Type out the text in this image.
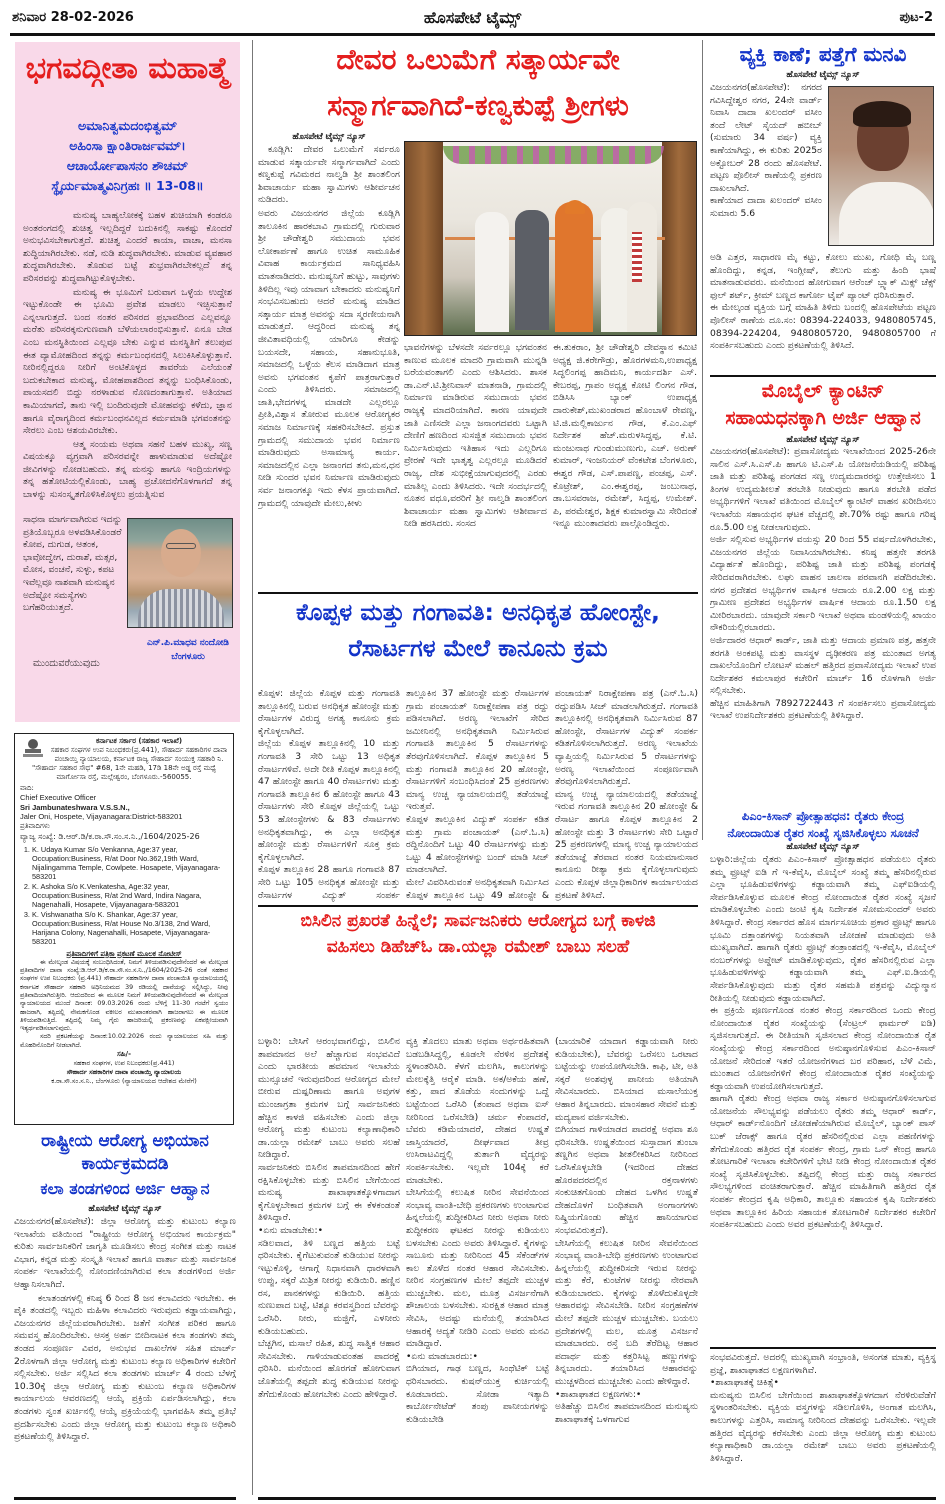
ಶನಿವಾರ 28-02-2026	ಹೊಸಪೇಟೆ ಟೈಮ್ಸ್	ಪುಟ-2
ಭಗವದ್ಗೀತಾ ಮಹಾತ್ಮೆ
ಅಮಾನಿತ್ವಮದಂಭಿತ್ವಮ್
ಅಹಿಂಸಾ ಕ್ಷಾಂತಿರಾರ್ಜವಮ್।
ಆಚಾರ್ಯೋಪಾಸನಂ ಶೌಚಮ್
ಸ್ಥೈರ್ಯಮಾತ್ಮವಿನಿಗ್ರಹಃ ॥ 13-08॥

ಮನುಷ್ಯ ಬಾಹ್ಯಲೋಕಕ್ಕೆ ಬಹಳ ಶುಚಿಯಾಗಿ ಕಂಡರೂ ಅಂತರಂಗದಲ್ಲಿ ಶುಚಿತ್ವ ಇಲ್ಲದಿದ್ದರೆ ಬದುಕಿನಲ್ಲಿ ಸಾಕಷ್ಟು ಕೊಂದರೆ ಅನುಭವಿಸಬೇಕಾಗುತ್ತದೆ. ಶುಚಿತ್ವ ಎಂದರೆ ಕಾಯಾ, ವಾಚಾ, ಮನಸಾ ಶುದ್ಧಿಯಾಗಿರಬೇಕು. ನಡೆ, ನುಡಿ ಶುದ್ಧವಾಗಿರಬೇಕು. ಮಾಡುವ ವ್ಯವಹಾರ ಶುದ್ಧವಾಗಿರಬೇಕು. ತೊಡುವ ಬಟ್ಟೆ ಶುಭ್ರವಾಗಿರಬೇಕಲ್ಲದೆ ತನ್ನ ಪರಿಸರವನ್ನು ಶುದ್ಧವಾಗಿಟ್ಟುಕೊಳ್ಳಬೇಕು.

ಮನುಷ್ಯ ಈ ಭೂಮಿಗೆ ಬರುವಾಗ ಒಳ್ಳೆಯ ಉದ್ದೇಶ ಇಟ್ಟುಕೊಂಡೇ ಈ ಭೂಮಿ ಪ್ರವೇಶ ಮಾಡಲು ಇಚ್ಛಿಸುತ್ತಾನೆ ಎನ್ನಲಾಗುತ್ತದೆ. ಬಂದ ನಂತರ ಪರಿಸರದ ಪ್ರಭಾವದಿಂದ ಎಲ್ಲವನ್ನೂ ಮರೆತು ಪರಿಸರಕ್ಕನುಗುಣವಾಗಿ ಬೆಳೆಯಲಾರಂಭಿಸುತ್ತಾನೆ. ಏನೂ ಬೇಡ ಎಂಬ ಮನಸ್ಥಿತಿಯಿಂದ ಎಲ್ಲವೂ ಬೇಕು ಎನ್ನುವ ಮನಸ್ಥಿತಿಗೆ ತಲುಪುವ ಈತ ವ್ಯಾಮೋಹದಿಂದ ತನ್ನನ್ನು ಕರ್ಮಬಂಧನದಲ್ಲಿ ಸಿಲುಕಿಸಿಕೊಳ್ಳುತ್ತಾನೆ. ನೀರಿನಲ್ಲಿದ್ದರೂ ನೀರಿಗೆ ಅಂಟಿಕೊಳ್ಳದ ತಾವರೆಯ ಎಲೆಯಂತೆ ಬದುಕಬೇಕಾದ ಮನುಷ್ಯ, ಮೋಹಪಾಶದಿಂದ ತನ್ನನ್ನು ಬಂಧಿಸಿಕೊಂಡು, ಪಾಯಸದಲಿ ಬಿದ್ದು ನರಳಾಡುವ ನೊಣದಂತಾಗುತ್ತಾನೆ. ಅತಿಯಾದ ಕಾಮಿಯಾಗದೆ, ತಾನು ಇಲ್ಲಿ ಬಂದಿರುವುದೇ ಮೋಹವನ್ನು ಕಳೆದು, ಜ್ಞಾನ ಹಾಗೂ ವೈರಾಗ್ಯದಿಂದ ಕರ್ಮಬಂಧನವಿಲ್ಲದ ಕರ್ಮಮಾಡಿ ಭಗವಂತನನ್ನು ಸೇರಲು ಎಂಬ ಆಶಯವಿರಬೇಕು.

ಆತ್ಮ ಸಂಯಮ ಅಥವಾ ಸಹನೆ ಬಹಳ ಮುಖ್ಯ, ಸಣ್ಣ ವಿಷಯಕ್ಕೂ ವ್ಯಗ್ರವಾಗಿ ಪರಿಸರವನ್ನೇ ಹಾಳುಮಾಡುವ ಅದೆಷ್ಟೋ ಜೀವಿಗಳನ್ನು ನೋಡಬಹುದು. ತನ್ನ ಮನಸ್ಸು ಹಾಗೂ ಇಂದ್ರಿಯಗಳನ್ನು ತನ್ನ ಹತೋಟಿಯಲ್ಲಿಕೊಂಡು, ಬಾಹ್ಯ ಪ್ರಚೋದನೆಗೊಳಗಾಗದೆ ತನ್ನ ಬಾಳನ್ನು ಸುಸಂಸ್ಕೃತಗೊಳಿಸಿಕೊಳ್ಳಲು ಪ್ರಯತ್ನಿಸುವ

ಸಾಧನಾ ಮಾರ್ಗವಾಗಿರುವ ಇದನ್ನು ಪ್ರತಿಯೊಬ್ಬರೂ ಅಳವಡಿಸಿಕೊಂಡರೆ ಕೋಪ, ದುಗುಡ, ಆತಂಕ, ಭಾವೋದ್ವೇಗ, ದುರಾಶೆ, ಮತ್ಸರ, ಮೋಸ, ವಂಚನೆ, ಸುಳ್ಳು, ಕಪಟ ಇವೆಲ್ಲವೂ ನಾಶವಾಗಿ ಮನುಷ್ಯನ ಅದೆಷ್ಟೋ ಸಮಸ್ಯೆಗಳು ಬಗೆಹರಿಯುತ್ತದೆ.
ಮುಂದುವರೆಯುವುದು
ಎನ್.ಪಿ.ಮಾಧವ ನಂದೋಡಿ
ಬೆಂಗಳೂರು
ಕರ್ನಾಟಕ ಸರ್ಕಾರ (ಸಹಕಾರ ಇಲಾಖೆ)
ಸಹಕಾರ ಸಂಘಗಳ ಉಪ ನಿಬಂಧಕರು(ಪ್ರ.441), ಸೌಹಾರ್ದ ಸಹಕಾರಿಗಳ ದಾವಾ ಪಂಚಾಯ್ತಿ ನ್ಯಾಯಾಲಯ, ಕರ್ನಾಟಕ ರಾಜ್ಯ ಸೌಹಾರ್ದ ಸಂಯುಕ್ತ ಸಹಕಾರಿ ನಿ.
"ಸೌಹಾರ್ದ ಸಹಕಾರ ಸೌಧ" #68, 1ನೇ ಮಹಡಿ, 17ಡಿ 18ನೇ ಅಡ್ಡ ರಸ್ತೆ ಮಧ್ಯೆ ಮಾರ್ಗೋಸಾ ರಸ್ತೆ, ಮಲ್ಲೇಶ್ವರಂ, ಬೆಂಗಳೂರು.-560055.
ವಾದಿ:
Chief Executive Officer
Sri Jambunateshwara V.S.S.N.,
Jaler Oni, Hospete, Vijayanagara:District-583201
ಪ್ರತಿವಾದಿಗಳು
ವ್ಯಾಜ್ಯ ಸಂಖ್ಯೆ: ಡಿ.ಆರ್.ಡಿ/ಕ.ರಾ.ಸೌ.ಸಂ.ಸ.ನಿ.,/1604/2025-26
1. K. Udaya Kumar S/o Venkanna, Age:37 year, Occupation:Business, R/at Door No.362,19th Ward, Nijalingamma Temple, Cowlpete. Hosapete, Vijayanagara-583201
2. K. Ashoka S/o K.Venkatesha, Age:32 year, Occupation:Business, R/at 2nd Ward, Indira Nagara, Nagenahalli, Hosapete, Vijayanagara-583201
3. K. Vishwanatha S/o K. Shankar, Age:37 year, Occupation:Business, R/at House No.3/138, 2nd Ward, Harijana Colony, Nagenahalli, Hosapete, Vijayanagara-583201
ಪ್ರತಿವಾದಿಗಳಿಗೆ ಪತ್ರಿಕಾ ಪ್ರಕಟಣೆ ಮೂಲಕ ನೋಟೀಸ್
ಈ ಮೇಲ್ಕಂಡ ವಿಷಯಕ್ಕೆ ಸಂಬಂಧಿಸಿದಂತೆ, ನಿಮಗೆ ತಿಳಿಯಪಡಿಸುವುದೇನೆಂದರೆ ಈ ಮೇಲ್ಕಂಡ ಪ್ರತಿವಾದಿಗಳ ದಾವಾ ಸಂಖ್ಯೆ:ಡಿ.ಆರ್.ಡಿ/ಕ.ರಾ.ಸೌ.ಸಂ.ಸ.ನಿ.,/1604/2025-26 ರಂತೆ ಸಹಕಾರ ಸಂಘಗಳ ಉಪ ನಿಬಂಧಕರು (ಪ್ರ.441) ಸೌಹಾರ್ದ ಸಹಕಾರಿಗಳ ದಾವಾ ಪಂಚಾಯಿತಿ ನ್ಯಾಯಾಲಯದಲ್ಲಿ ಕರ್ನಾಟಕ ಸೌಹಾರ್ದ ಸಹಕಾರಿ ಅಧಿನಿಯಮದ 39 ರಡಿಯಲ್ಲಿ ದಾವೆಯನ್ನು ಸಲ್ಲಿಸಿದ್ದು, ನೀವು ಪ್ರತಿವಾದಿಯಾಗಿರುತ್ತೀರಿ. ಆದುದರಿಂದ ಈ ಮೂಲಕ ನಿಮಗೆ ತಿಳಿಯಪಡಿಸುವುದೇನೆಂದರೆ ಈ ಮೇಲ್ಕಂಡ ನ್ಯಾಯಾಲಯದ ಮುಂದೆ ದಿನಾಂಕ: 09.03.2026 ರಂದು ಬೆಳಿಗ್ಗೆ 11-30 ಗಂಟೆಗೆ ಸ್ವಯಂ ಹಾಜರಾಗಿ, ತಪ್ಪಿದಲ್ಲಿ ನೇಮಕಗೊಂಡ ವಕೀಲರ ಮುಖಾಂತರವಾಗಿ ಹಾಜರಾಗಲು ಈ ಮೂಲಕ ತಿಳಿಯಪಡಿಸುತ್ತಿದೆ. ತಪ್ಪಿದಲ್ಲಿ ನಿಮ್ಮ ಗೈರು ಹಾಜರಿಯಲ್ಲಿ ಪ್ರಕರಣವನ್ನು ಏಕಪಕ್ಷೀಯವಾಗಿ ಇತ್ಯರ್ಥಪಡಿಸಲಾಗುವುದು.
ಸದರಿ ಪ್ರಕಟಣೆಯನ್ನು ದಿನಾಂಕ:10.02.2026 ರಂದು ನ್ಯಾಯಾಲಯದ ಸಹಿ ಮತ್ತು ಮೊಹರಿನೊಂದಿಗೆ ನೀಡಲಾಗಿದೆ.
ಸಹಿ/-
ಸಹಕಾರ ಸಂಘಗಳ, ಉಪ ನಿಬಂಧಕರು(ಪ್ರ.441)
ಸೌಹಾರ್ದ ಸಹಕಾರಿಗಳ ದಾವಾ ಪಂಚಾಯ್ತಿ ನ್ಯಾಯಾಲಯ
ಕ.ರಾ.ಸೌ.ಸಂ.ಸ.ನಿ., ಬೆಂಗಳೂರು (ನ್ಯಾಯಾಲಯದ ಆದೇಶದ ಮೇರೆಗೆ)
ರಾಷ್ಟ್ರೀಯ ಆರೋಗ್ಯ ಅಭಿಯಾನ ಕಾರ್ಯಕ್ರಮದಡಿ
ಕಲಾ ತಂಡಗಳಿಂದ ಅರ್ಜಿ ಆಹ್ವಾನ
ಹೊಸಪೇಟೆ ಟೈಮ್ಸ್ ನ್ಯೂಸ್

ವಿಜಯನಗರ(ಹೊಸಪೇಟೆ): ಜಿಲ್ಲಾ ಆರೋಗ್ಯ ಮತ್ತು ಕುಟುಂಬ ಕಲ್ಯಾಣ ಇಲಾಖೆಯ ವತಿಯಿಂದ "ರಾಷ್ಟ್ರೀಯ ಆರೋಗ್ಯ ಅಭಿಯಾನ ಕಾರ್ಯಕ್ರಮ" ಕುರಿತು ಸಾರ್ವಜನಿಕರಿಗೆ ಜಾಗೃತಿ ಮೂಡಿಸಲು ಕೇಂದ್ರ ಸಂಗೀತ ಮತ್ತು ನಾಟಕ ವಿಭಾಗ, ಕನ್ನಡ ಮತ್ತು ಸಂಸ್ಕೃತಿ ಇಲಾಖೆ ಹಾಗೂ ವಾರ್ತಾ ಮತ್ತು ಸಾರ್ವಜನಿಕ ಸಂಪರ್ಕ ಇಲಾಖೆಯಲ್ಲಿ ನೋಂದಣಿಯಾಗಿರುವ ಕಲಾ ತಂಡಗಳಿಂದ ಅರ್ಜಿ ಆಹ್ವಾನಿಸಲಾಗಿದೆ.

ಕಲಾತಂಡಗಳಲ್ಲಿ ಕನಿಷ್ಠ 6 ರಿಂದ 8 ಜನ ಕಲಾವಿದರು ಇರಬೇಕು. ಈ ಪೈಕಿ ತಂಡದಲ್ಲಿ ಇಬ್ಬರು ಮಹಿಳಾ ಕಲಾವಿದರು ಇರುವುದು ಕಡ್ಡಾಯವಾಗಿದ್ದು, ವಿಜಯನಗರ ಜಿಲ್ಲೆಯವರಾಗಿರಬೇಕು. ಜತೆಗೆ ಸಂಗೀತ ಪರಿಕರ ಹಾಗೂ ಸಮವಸ್ತ್ರ ಹೊಂದಿರಬೇಕು. ಆಸಕ್ತ ಅರ್ಹ ಬೀದಿನಾಟಕ ಕಲಾ ತಂಡಗಳು ತಮ್ಮ ತಂಡದ ಸಂಪೂರ್ಣ ವಿವರ, ಅನುಭವ ದಾಖಲೆಗಳ ಸಹಿತ ಮಾರ್ಚ್ 2ರೊಳಗಾಗಿ ಜಿಲ್ಲಾ ಆರೋಗ್ಯ ಮತ್ತು ಕುಟುಂಬ ಕಲ್ಯಾಣ ಅಧಿಕಾರಿಗಳ ಕಚೇರಿಗೆ ಸಲ್ಲಿಸಬೇಕು. ಅರ್ಜಿ ಸಲ್ಲಿಸಿದ ಕಲಾ ತಂಡಗಳು ಮಾರ್ಚ್ 4 ರಂದು ಬೆಳಗ್ಗೆ 10.30ಕ್ಕೆ ಜಿಲ್ಲಾ ಆರೋಗ್ಯ ಮತ್ತು ಕುಟುಂಬ ಕಲ್ಯಾಣ ಅಧಿಕಾರಿಗಳ ಕಾರ್ಯಾಲಯ ಆವರಣದಲ್ಲಿ ಆಯ್ಕೆ ಪ್ರಕ್ರಿಯೆ ಏರ್ಪಡಿಸಲಾಗಿದ್ದು, ಕಲಾ ತಂಡಗಳು ಸ್ವಂತ ಖರ್ಚಿನಲ್ಲಿ ಆಯ್ಕೆ ಪ್ರಕ್ರಿಯೆಯಲ್ಲಿ ಭಾಗವಹಿಸಿ ತಮ್ಮ ಪ್ರತಿಭೆ ಪ್ರದರ್ಶಿಸಬೇಕು ಎಂದು ಜಿಲ್ಲಾ ಆರೋಗ್ಯ ಮತ್ತು ಕುಟುಂಬ ಕಲ್ಯಾಣ ಅಧಿಕಾರಿ ಪ್ರಕಟಣೆಯಲ್ಲಿ ತಿಳಿಸಿದ್ದಾರೆ.

ದೇವರ ಒಲುಮೆಗೆ ಸತ್ಕಾರ್ಯವೇ
ಸನ್ಮಾರ್ಗವಾಗಿದೆ-ಕಣ್ವಕುಪ್ಪೆ ಶ್ರೀಗಳು
ಹೊಸಪೇಟೆ ಟೈಮ್ಸ್ ನ್ಯೂಸ್

ಕೂಡ್ಲಿಗಿ: ದೇವರ ಒಲುಮೆಗೆ ಸರ್ವರೂ ಮಾಡುವ ಸತ್ಕಾರ್ಯವೇ ಸನ್ಮಾರ್ಗವಾಗಿದೆ ಎಂದು ಕಣ್ವಕುಪ್ಪೆ ಗವಿಮಠದ ನಾಲ್ವಡಿ ಶ್ರೀ ಶಾಂತಲಿಂಗ ಶಿವಾಚಾರ್ಯ ಮಹಾ ಸ್ವಾಮಿಗಳು ಆಶೀರ್ವಚನ ನುಡಿದರು.

ಅವರು ವಿಜಯನಗರ ಜಿಲ್ಲೆಯ ಕೂಡ್ಲಿಗಿ ತಾಲೂಕಿನ ಹಾರಕಬಾವಿ ಗ್ರಾಮದಲ್ಲಿ ಗುರುವಾರ ಶ್ರೀ ಚೌಡೇಶ್ವರಿ ಸಮುದಾಯ ಭವನ ಲೋಕಾರ್ಪಣೆ ಹಾಗೂ ಉಚಿತ ಸಾಮೂಹಿಕ ವಿವಾಹ ಕಾರ್ಯಕ್ರಮದ ಸಾನಿಧ್ಯವಹಿಸಿ ಮಾತನಾಡಿದರು. ಮನುಷ್ಯನಿಗೆ ಹುಟ್ಟು, ಸಾವುಗಳು ತಿಳಿದಿಲ್ಲ ಇವು ಯಾವಾಗ ಬೇಕಾದರು ಮನುಷ್ಯನಿಗೆ ಸಂಭವಿಸಬಹುದು ಆದರೆ ಮನುಷ್ಯ ಮಾಡಿದ ಸತ್ಕಾರ್ಯ ಮಾತ್ರ ಅವನನ್ನು ಸದಾ ಸ್ಮರಣೀಯನಾಗಿ ಮಾಡುತ್ತದೆ. ಆದ್ದರಿಂದ ಮನುಷ್ಯ ತನ್ನ ಜೀವಿತಾವಧಿಯಲ್ಲಿ ಯಾರಿಗೂ ಕೇಡನ್ನು ಬಯಸದೇ, ಸಹಾಯ, ಸಹಾನುಭೂತಿ, ಸಮಾಜದಲ್ಲಿ ಒಳ್ಳೆಯ ಕೆಲಸ ಮಾಡಿದಾಗ ಮಾತ್ರ ಅವನು ಭಗವಂತನ ಕೃಪೆಗೆ ಪಾತ್ರರಾಗುತ್ತಾರೆ ಎಂದು ತಿಳಿಸಿದರು. ಸಮಾಜದಲ್ಲಿ ಜಾತಿ,ಭೇದಗಳನ್ನ ಮಾಡದೇ ಎಲ್ಲರಲ್ಲೂ ಪ್ರೀತಿ,ವಿಶ್ವಾಸ ತೋರುವ ಮೂಲಕ ಆರೋಗ್ಯಕರ ಸಮಾಜ ನಿರ್ಮಾಣಕ್ಕೆ ಸಹಕರಿಸಬೇಕಿದೆ. ಪ್ರಸ್ತುತ ಗ್ರಾಮದಲ್ಲಿ ಸಮುದಾಯ ಭವನ ನಿರ್ಮಾಣ ಮಾಡಿರುವುದು ಅಸಾಮಾನ್ಯ ಕಾರ್ಯ. ಸಮಾಜದಲ್ಲಿನ ಎಲ್ಲಾ ಜನಾಂಗದ ತನು,ಮನ,ಧನ ನೀಡಿ ಸುಂದರ ಭವನ ನಿರ್ಮಾಣ ಮಾಡಿರುವುದು ಸರ್ವ ಜನಾಂಗಕ್ಕೂ ಇದು ಕೆಳಸ ಪ್ರಾಯವಾಗಿದೆ. ಗ್ರಾಮದಲ್ಲಿ ಯಾವುದೇ ಮೇಲು,ಕೀಳು

ಭಾವನೆಗಳನ್ನು ಬೆಳಸದೇ ಸರ್ವರಲ್ಲೂ ಭಗವಂತನ ಕಾಣುವ ಮೂಲಕ ಮಾದರಿ ಗ್ರಾಮವಾಗಿ ಮುನ್ನಡಿ ಬರೆಯವಂತಾಗಲಿ ಎಂದು ಆಶಿಸಿದರು. ಶಾಸಕ ಡಾ.ಎನ್.ಟಿ.ಶ್ರೀನಿವಾಸ್ ಮಾತನಾಡಿ, ಗ್ರಾಮದಲ್ಲಿ ನಿರ್ಮಾಣ ಮಾಡಿರುವ ಸಮುದಾಯ ಭವನ ರಾಜ್ಯಕ್ಕೆ ಮಾದರಿಯಾಗಿದೆ. ಕಾರಣ ಯಾವುದೇ ಜಾತಿ ಎಣಿಸದೇ ಎಲ್ಲಾ ಜನಾಂಗದವರು ಒಟ್ಟಾಗಿ ದೇಣಿಗೆ ಹಣದಿಂದ ಸುಸಜ್ಜಿತ ಸಮುದಾಯ ಭವನ ನಿರ್ಮಿಸಿರುವುದು ಇತಿಹಾಸ ಇದು ಎಲ್ಲರಿಗೂ ಪ್ರೇರಣೆ ಇದೇ ಭಾತೃತ್ವ ಎಲ್ಲರಲ್ಲೂ ಮೂಡಿದರೆ ರಾಜ್ಯ, ದೇಶ ಸುಭೀಕ್ಷೆಯಾಗುವುದರಲ್ಲಿ ಎರಡು ಮಾತಿಲ್ಲ ಎಂದು ತಿಳಿಸಿದರು. ಇದೇ ಸಂದರ್ಭದಲ್ಲಿ ನೂತನ ವಧೂ,ವರರಿಗೆ ಶ್ರೀ ನಾಲ್ವಡಿ ಶಾಂತಲಿಂಗ ಶಿವಾಚಾರ್ಯ ಮಹಾ ಸ್ವಾಮಿಗಳು ಆಶೀರ್ವಾದ ನೀಡಿ ಹರಸಿದರು. ಸಂಸದ
ಈ.ತುಕರಾಂ, ಶ್ರೀ ಚೌಡೇಶ್ವರಿ ದೇವಸ್ಥಾನ ಕಮಿಟಿ ಅಧ್ಯಕ್ಷ ಜಿ.ಕರೇಗೌಡ್ರು, ಹೊರಗಳಮನಿ,ಉಪಾಧ್ಯಕ್ಷ ಸಿದ್ಧಲಿಂಗಪ್ಪ ಹಾದಿಮನಿ, ಕಾರ್ಯದರ್ಶಿ ಎಸ್. ಕೇಬರಪ್ಪ, ಗ್ರಾಪಂ ಅಧ್ಯಕ್ಷ ಕೋಟಿ ಲಿಂಗನ ಗೌಡ, ಬಿಡಿಸಿಸಿ ಬ್ಯಾಂಕ್ ಉಪಾಧ್ಯಕ್ಷ ದಾರುಕೇಶ್,ಮುಖಂಡರಾದ ಹೊಂಬಾಳೆ ರೇವಣ್ಣ, ಟಿ.ಜಿ.ಮಲ್ಲಿಕಾರ್ಜುನ ಗೌಡ, ಕೆ.ಎಂ.ಎಫ್ ನಿರ್ದೇಶಕ ಹೆಚ್.ಮರುಳಸಿದ್ದಪ್ಪ, ಕೆ.ಟಿ. ಮಂಜುನಾಥ ಗುಂಡುಮುಣುಗು, ಎಚ್. ಅರುಣ್ ಕುಮಾರ್, ಇಂಜನಿಯರ್ ವೆಂಕಟೇಶ ಬೆಂಗಳೂರು, ಈಶ್ವರ ಗೌಡ, ಎಸ್.ಪಾಪಣ್ಣ, ಪಂಚಪ್ಪ, ಎಸ್. ಕೊಟ್ರೇಶ್, ಎಂ.ಈಶ್ವರಪ್ಪ, ಜಂಬುನಾಥ, ಡಾ.ಬಸವರಾಜ, ರಮೇಶ್, ಸಿದ್ದಪ್ಪ, ಉಮೇಶ್. ಪಿ, ಪರಮೇಶ್ವರ, ಶಿಕ್ಷಕ ಕುಮಾರಸ್ವಾಮಿ ಸೇರಿದಂತೆ ಇನ್ನೂ ಮುಂತಾದವರು ಪಾಲ್ಗೊಂಡಿದ್ದರು.
ಕೊಪ್ಪಳ ಮತ್ತು ಗಂಗಾವತಿ: ಅನಧಿಕೃತ ಹೋಂಸ್ಟೇ,
ರೆಸಾರ್ಟಗಳ ಮೇಲೆ ಕಾನೂನು ಕ್ರಮ
ಕೊಪ್ಪಳ: ಜಿಲ್ಲೆಯ ಕೊಪ್ಪಳ ಮತ್ತು ಗಂಗಾವತಿ ತಾಲ್ಲೂಕಿನಲ್ಲಿ ಬರುವ ಅನಧಿಕೃತ ಹೋಂಸ್ಟೇ ಮತ್ತು ರೆಸಾರ್ಟಗಳ ವಿರುದ್ಧ ಅಗತ್ಯ ಕಾನೂನು ಕ್ರಮ ಕೈಗೊಳ್ಳಲಾಗಿದೆ.
ಜಿಲ್ಲೆಯ ಕೊಪ್ಪಳ ತಾಲ್ಲೂಕಿನಲ್ಲಿ 10 ಮತ್ತು ಗಂಗಾವತಿ 3 ಸೇರಿ ಒಟ್ಟು 13 ಅಧಿಕೃತ ರೆಸಾರ್ಟಗಳಿವೆ. ಅದೇ ರೀತಿ ಕೊಪ್ಪಳ ತಾಲ್ಲೂಕಿನಲ್ಲಿ 47 ಹೋಂಸ್ಟೇ ಹಾಗೂ 40 ರೆಸಾರ್ಟಗಳು ಮತ್ತು ಗಂಗಾವತಿ ತಾಲ್ಲೂಕಿನ 6 ಹೋಂಸ್ಟೇ ಹಾಗೂ 43 ರೆಸಾರ್ಟಗಳು ಸೇರಿ ಕೊಪ್ಪಳ ಜಿಲ್ಲೆಯಲ್ಲಿ ಒಟ್ಟು 53 ಹೋಂಸ್ಟೇಗಳು & 83 ರೆಸಾರ್ಟಗಳು ಅನಧಿಕೃತವಾಗಿದ್ದು, ಈ ಎಲ್ಲಾ ಅನಧಿಕೃತ ಹೋಂಸ್ಟೇ ಮತ್ತು ರೆಸಾರ್ಟಗಳಿಗೆ ಸೂಕ್ತ ಕ್ರಮ ಕೈಗೊಳ್ಳಲಾಗಿದೆ.
ಕೊಪ್ಪಳ ತಾಲ್ಲೂಕಿನ 28 ಹಾಗೂ ಗಂಗಾವತಿ 87 ಸೇರಿ ಒಟ್ಟು 105 ಅನಧಿಕೃತ ಹೋಂಸ್ಟೇ ಮತ್ತು ರೆಸಾರ್ಟಗಳ ವಿದ್ಯುತ್ ಸಂಪರ್ಕ
ತಾಲ್ಲೂಕಿನ 37 ಹೋಂಸ್ಟೇ ಮತ್ತು ರೆಸಾರ್ಟಗಳ ಗ್ರಾಮ ಪಂಚಾಯತ್ ನಿರಾಕ್ಷೇಪಣಾ ಪತ್ರ ರದ್ದು ಪಡಿಸಲಾಗಿದೆ. ಅರಣ್ಯ ಇಲಾಖೆಗೆ ಸೇರಿದ ಜಮೀನಿನಲ್ಲಿ ಅನಧಿಕೃತವಾಗಿ ನಿರ್ಮಿಸಿರುವ ಗಂಗಾವತಿ ತಾಲ್ಲೂಕಿನ 5 ರೆಸಾರ್ಟಗಳನ್ನು ತೆರವುಗೊಳಿಸಲಾಗಿದೆ. ಕೊಪ್ಪಳ ತಾಲ್ಲೂಕಿನ 5 ಮತ್ತು ಗಂಗಾವತಿ ತಾಲ್ಲೂಕಿನ 20 ಹೋಂಸ್ಟೇ, ರೆಸಾರ್ಟಗಳಿಗೆ ಸಂಬಂಧಿಸಿದಂತೆ 25 ಪ್ರಕರಣಗಳು ಮಾನ್ಯ ಉಚ್ಚ ನ್ಯಾಯಾಲಯದಲ್ಲಿ ತಡೆಯಾಜ್ಞೆ ಇರುತ್ತವೆ.
ಕೊಪ್ಪಳ ತಾಲ್ಲೂಕಿನ ವಿದ್ಯುತ್ ಸಂಪರ್ಕ ಕಡಿತ ಮತ್ತು ಗ್ರಾಮ ಪಂಚಾಯತ್ (ಎನ್.ಓ.ಸಿ) ರದ್ದಿನೊಂದಿಗೆ ಒಟ್ಟು 40 ರೆಸಾರ್ಟಗಳನ್ನು ಮತ್ತು ಒಟ್ಟು 4 ಹೋಂಸ್ಟೇಗಳನ್ನು ಬಂದ್ ಮಾಡಿ ಸೀಜ್ ಮಾಡಲಾಗಿದೆ.
ಮೇಲೆ ವಿವರಿಸಿರುವಂತೆ ಅನಧಿಕೃತವಾಗಿ ನಿರ್ಮಿಸಿದ ಕೊಪ್ಪಳ ತಾಲ್ಲೂಕಿನ ಒಟ್ಟು 49 ಹೋಂಸ್ಟೇ &
ಪಂಚಾಯತ್ ನಿರಾಕ್ಷೇಪಣಾ ಪತ್ರ (ಎನ್.ಓ.ಸಿ) ರದ್ದುಪಡಿಸಿ ಸೀಜ್ ಮಾಡಲಾಗಿರುತ್ತದೆ. ಗಂಗಾವತಿ ತಾಲ್ಲೂಕಿನಲ್ಲಿ ಅನಧಿಕೃತವಾಗಿ ನಿರ್ಮಿಸಿರುವ 87 ಹೋಂಸ್ಟೇ, ರೆಸಾರ್ಟಗಳ ವಿದ್ಯುತ್ ಸಂಪರ್ಕ ಕಡಿತಗೊಳಿಸಲಾಗಿರುತ್ತದೆ. ಅರಣ್ಯ ಇಲಾಖೆಯ ವ್ಯಾಪ್ತಿಯಲ್ಲಿ ನಿರ್ಮಿಸಿರುವ 5 ರೆಸಾರ್ಟಗಳನ್ನು ಅರಣ್ಯ ಇಲಾಖೆಯಿಂದ ಸಂಪೂರ್ಣವಾಗಿ ತೆರವುಗೊಳಿಸಲಾಗಿರುತ್ತದೆ.
ಮಾನ್ಯ ಉಚ್ಚ ನ್ಯಾಯಾಲಯದಲ್ಲಿ ತಡೆಯಾಜ್ಞೆ ಇರುವ ಗಂಗಾವತಿ ತಾಲ್ಲೂಕಿನ 20 ಹೋಂಸ್ಟೇ & ರೆಸಾರ್ಟ ಹಾಗೂ ಕೊಪ್ಪಳ ತಾಲ್ಲೂಕಿನ 2 ಹೋಂಸ್ಟೇ ಮತ್ತು 3 ರೆಸಾರ್ಟಗಳು ಸೇರಿ ಒಟ್ಟಾರೆ 25 ಪ್ರಕರಣಗಳಲ್ಲಿ ಮಾನ್ಯ ಉಚ್ಚ ನ್ಯಾಯಾಲಯದ ತಡೆಯಾಜ್ಞೆ ತೆರವಾದ ನಂತರ ನಿಯಮಾನುಸಾರ ಕಾನೂನು ರೀತ್ಯಾ ಕ್ರಮ ಕೈಗೊಳ್ಳಲಾಗುವುದು ಎಂದು ಕೊಪ್ಪಳ ಜಿಲ್ಲಾಧಿಕಾರಿಗಳ ಕಾರ್ಯಾಲಯದ ಪ್ರಕಟಣೆ ತಿಳಿಸಿದೆ.
ಬಿಸಿಲಿನ ಪ್ರಖರತೆ ಹಿನ್ನೆಲೆ; ಸಾರ್ವಜನಿಕರು ಆರೋಗ್ಯದ ಬಗ್ಗೆ ಕಾಳಜಿ
ವಹಿಸಲು ಡಿಹೆಚ್‌ಓ ಡಾ.ಯಲ್ಲಾ ರಮೇಶ್ ಬಾಬು ಸಲಹೆ
ಬಳ್ಳಾರಿ: ಬೇಸಿಗೆ ಆರಂಭವಾಗಲಿದ್ದು, ಬಿಸಿಲಿನ ತಾಪಮಾನದ ಅಲೆ ಹೆಚ್ಚಾಗುವ ಸಂಭವವಿದೆ ಎಂದು ಭಾರತೀಯ ಹವಮಾನ ಇಲಾಖೆಯ ಮುನ್ಸೂಚನೆ ಇರುವುದರಿಂದ ಆರೋಗ್ಯದ ಮೇಲೆ ಬೀರುವ ದುಷ್ಪರಿಣಾಮ ಹಾಗೂ ಅವುಗಳ ಮುಂಜಾಗ್ರತಾ ಕ್ರಮಗಳ ಬಗ್ಗೆ ಸಾರ್ವಜನಿಕರು ಹೆಚ್ಚಿನ ಕಾಳಜಿ ವಹಿಸಬೇಕು ಎಂದು ಜಿಲ್ಲಾ ಆರೋಗ್ಯ ಮತ್ತು ಕುಟುಂಬ ಕಲ್ಯಾಣಾಧಿಕಾರಿ ಡಾ.ಯಲ್ಲಾ ರಮೇಶ್ ಬಾಬು ಅವರು ಸಲಹೆ ನೀಡಿದ್ದಾರೆ.
ಸಾರ್ವಜನಿಕರು ಬಿಸಿಲಿನ ತಾಪಮಾನದಿಂದ ಹೇಗೆ ರಕ್ಷಿಸಿಕೊಳ್ಳಬೇಕು ಮತ್ತು ಬಿಸಿಲಿನ ಬೇಗೆಯಿಂದ ಮನುಷ್ಯ ಶಾಖಾಘಾತಕ್ಕೊಳಗಾದಾಗ ಕೈಗೊಳ್ಳಬೇಕಾದ ಕ್ರಮಗಳ ಬಗ್ಗೆ ಈ ಕೆಳಕಂಡಂತೆ ತಿಳಿಸಿದ್ದಾರೆ.
•ಏನು ಮಾಡಬೇಕು:•
ಸಡಿಲವಾದ, ತಿಳಿ ಬಣ್ಣದ ಹತ್ತಿಯ ಬಟ್ಟೆ ಧರಿಸಬೇಕು. ಕೈಗೆಟುಕುವಂತೆ ಕುಡಿಯುವ ನೀರನ್ನು ಇಟ್ಟುಕೊಳ್ಳಿ, ಆಗಾಗ್ಗೆ ನಿಧಾನವಾಗಿ ಧಾರಳವಾಗಿ ಉಪ್ಪು, ಸಕ್ಕರೆ ಮಿಶ್ರಿತ ನೀರನ್ನು ಕುಡಿಯಿರಿ. ಹಣ್ಣಿನ ರಸ, ಪಾನಕಗಳನ್ನು ಕುಡಿಯಿರಿ. ಹತ್ತಿಯ ನುಣುಪಾದ ಬಟ್ಟೆ, ಟಿಶ್ಯೂ ಕರವಸ್ತ್ರದಿಂದ ಬೆವರನ್ನು ಒರೆಸಿರಿ. ನೀರು, ಮಜ್ಜಿಗೆ, ಎಳನೀರು ಕುಡಿಯಬಹುದು.
ಬೆಚ್ಚಗಿನ, ಮಸಾಲೆ ರಹಿತ, ಶುದ್ಧ ಸಾತ್ವಿಕ ಆಹಾರ ಸೇವಿಸಬೇಕು. ಗಾಳಿಯಾಡುವಂತಹ ಪಾದರಕ್ಷೆ ಧರಿಸಿರಿ. ಮನೆಯಿಂದ ಹೊರಗಡೆ ಹೋಗುವಾಗ ಜೊತೆಯಲ್ಲಿ ತಪ್ಪದೇ ಶುದ್ಧ ಕುಡಿಯುವ ನೀರನ್ನು ತೆಗೆದುಕೊಂಡು ಹೋಗಬೇಕು ಎಂದು ಹೇಳಿದ್ದಾರೆ.
ವ್ಯಕ್ತಿ ತೊದಲು ಮಾತು ಅಥವಾ ಅರ್ಥರಹಿತವಾಗಿ ಬಡಬಡಿಸಿದ್ದಲ್ಲಿ, ಕೂಡಲೇ ನೆರಳಿನ ಪ್ರದೇಶಕ್ಕೆ ಸ್ಥಳಾಂತರಿಸಿರಿ. ಕೆಳಗೆ ಮಲಗಿಸಿ, ಕಾಲುಗಳನ್ನು ಮೇಲಕ್ಕೆತ್ತಿ ಆರೈಕೆ ಮಾಡಿ. ಅಕ/ಅಕೆಯ ಹಣೆ, ಕತ್ತು, ಪಾದ ತೊಡೆಯ ಸಂದುಗಳನ್ನು ಒದ್ದೆ ಬಟ್ಟೆಯಿಂದ ಒರೆಸಿರಿ (ತಂಪಾದ ಅಥವಾ ಐಸ್ ನೀರಿನಿಂದ ಒರೆಸಬೇಡಿ) ಚರ್ಮ ಕೆಂಪಾದರೆ, ಬೆವರು ಕಡಿಮೆಯಾದರೆ, ದೇಹದ ಉಷ್ಣತೆ ಜಾಸ್ತಿಯಾದರೆ, ದೀರ್ಘವಾದ ತೀವ್ರ ಉಸಿರಾಟವಿದ್ದಲ್ಲಿ ತುರ್ತಾಗಿ ವೈದ್ಯರನ್ನು ಸಂಪರ್ಕಿಸಬೇಕು. ಇಲ್ಲವೇ 104ಕ್ಕೆ ಕರೆ ಮಾಡಬೇಕು.
ಬೇಸಿಗೆಯಲ್ಲಿ ಕಲುಷಿತ ನೀರಿನ ಸೇವನೆಯಿಂದ ಸಂಭಾವ್ಯ ವಾಂತಿ-ಬೇಧಿ ಪ್ರಕರಣಗಳು ಉಂಟಾಗುವ ಹಿನ್ನಲೆಯಲ್ಲಿ ಶುದ್ಧೀಕರಿಸಿದ ನೀರು ಅಥವಾ ನೀರು ಶುದ್ಧೀಕರಣ ಘಟಕದ ನೀರನ್ನು ಕುಡಿಯಲು ಬಳಸಬೇಕು ಎಂದು ಅವರು ತಿಳಿಸಿದ್ದಾರೆ. ಕೈಗಳನ್ನು ಸಾಬೂನು ಮತ್ತು ನೀರಿನಿಂದ 45 ಸೆಕೆಂಡ್‌ಗಳ ಕಾಲ ತೊಳೆದ ನಂತರ ಆಹಾರ ಸೇವಿಸಬೇಕು. ನೀರಿನ ಸಂಗ್ರಹಣಗಳ ಮೇಲೆ ತಪ್ಪದೇ ಮುಚ್ಚಳ ಮುಚ್ಚಬೇಕು. ಮಲ, ಮೂತ್ರ ವಿಸರ್ಜನೆಗಾಗಿ ಶೌಚಾಲಯ ಬಳಸಬೇಕು. ಸುರಕ್ಷಿತ ಆಹಾರ ಮಾತ್ರ ಸೇವಿಸಿ, ಅದಷ್ಟು ಮನೆಯಲ್ಲಿ ತಯಾರಿಸಿದ ಆಹಾರಕ್ಕೆ ಆದ್ಯತೆ ನೀಡಿರಿ ಎಂದು ಅವರು ಮನವಿ ಮಾಡಿದ್ದಾರೆ.
•ಏನು ಮಾಡಬಾರದು:•
ಬಿಗಿಯಾದ, ಗಾಢ ಬಣ್ಣದ, ಸಿಂಥೆಟಿಕ್ ಬಟ್ಟೆ ಧರಿಸಬಾರದು. ಕುಷನ್‌ಯುಕ್ತ ಕುರ್ಚಿಯಲ್ಲಿ ಕೂಡಬಾರದು. ಸೋಡಾ ಇತ್ಯಾದಿ ಕಾರ್ಬೋನೇಟೆಡ್ ತಂಪು ಪಾನೀಯಗಳನ್ನು ಕುಡಿಯಬೇಡಿ
(ಬಾಯಾರಿಕೆ ಯಾದಾಗ ಕಡ್ಡಾಯವಾಗಿ ನೀರು ಕುಡಿಯಬೇಕು), ಬೆವರನ್ನು ಒರೆಸಲು ಒರಟಾದ ಬಟ್ಟೆಯನ್ನು ಉಪಯೋಗಿಸಬೇಡಿ. ಕಾಫಿ, ಟೀ, ಅತಿ ಸಕ್ಕರೆ ಅಂಶವುಳ್ಳ ಪಾನೀಯ ಅತಿಯಾಗಿ ಸೇವಿಸಬಾರದು. ಬಿಸಿಯಾದ ಮಸಾಲೆಯುಕ್ತ ಆಹಾರ ತಿನ್ನಬಾರದು. ಮಾಂಸಹಾರ ಸೇವನೆ ಮತ್ತು ಮದ್ಯಪಾನ ವರ್ಜಿಸಬೇಕು.
ಬಿಗಿಯಾದ ಗಾಳಿಯಾಡದ ಪಾದರಕ್ಷೆ ಅಥವಾ ಶೂ ಧರಿಸಬೇಡಿ. ಉಷ್ಣತೆಯಿಂದ ಸುಸ್ತಾದಾಗ ತುಂಬಾ ತಣ್ಣಗಿನ ಅಥವಾ ಶೀತಲೀಕರಿಸಿದ ನೀರಿನಿಂದ ಒರೆಸಿಕೊಳ್ಳಬೇಡಿ (ಇದರಿಂದ ದೇಹದ ಹೊರಪದರದಲ್ಲಿನ ರಕ್ತನಾಳಗಳು ಸಂಕುಚಿತಗೊಂಡು ದೇಹದ ಒಳಗಿನ ಉಷ್ಣತೆ ದೇಹದೊಳಗೆ ಬಂಧಿತವಾಗಿ ಅಂಗಾಂಗಗಳು ನಿಷ್ಕ್ರಿಯಗೊಂಡು ಹೆಚ್ಚಿನ ಹಾನಿಯಾಗುವ ಸಂಭವವಿರುತ್ತದೆ).
ಬೇಸಿಗೆಯಲ್ಲಿ ಕಲುಷಿತ ನೀರಿನ ಸೇವನೆಯಿಂದ ಸಂಭಾವ್ಯ ವಾಂತಿ-ಬೇಧಿ ಪ್ರಕರಣಗಳು ಉಂಟಾಗುವ ಹಿನ್ನಲೆಯಲ್ಲಿ ಶುದ್ಧೀಕರಿಸದೇ ಇರುವ ನೀರನ್ನು ಮತ್ತು ಕೆರೆ, ಕುಂಟೆಗಳ ನೀರನ್ನು ನೇರವಾಗಿ ಕುಡಿಯಬಾರದು. ಕೈಗಳನ್ನು ತೊಳೆದುಕೊಳ್ಳದೇ ಆಹಾರವನ್ನು ಸೇವಿಸಬೇಡಿ. ನೀರಿನ ಸಂಗ್ರಹಣೆಗಳ ಮೇಲೆ ತಪ್ಪದೇ ಮುಚ್ಚಳ ಮುಚ್ಚಬೇಕು. ಬಯಲು ಪ್ರದೇಶಗಳಲ್ಲಿ ಮಲ, ಮೂತ್ರ ವಿಸರ್ಜನೆ ಮಾಡಬಾರದು. ರಸ್ತೆ ಬದಿ ತೆರೆದಿಟ್ಟ ಆಹಾರ ಪದಾರ್ಥ ಮತ್ತು ಕತ್ತರಿಸಿಟ್ಟ ಹಣ್ಣುಗಳನ್ನು ತಿನ್ನಬಾರದು. ತಯಾರಿಸಿದ ಆಹಾರವನ್ನು ಮುಚ್ಚಳದಿಂದ ಮುಚ್ಚಬೇಕು ಎಂದು ಹೇಳಿದ್ದಾರೆ.
•ಶಾಖಾಘಾತದ ಲಕ್ಷಣಗಳು:•
ಅತಿಹೆಚ್ಚು ಬಿಸಿಲಿನ ತಾಪಮಾನದಿಂದ ಮನುಷ್ಯನು ಶಾಖಾಘಾತಕ್ಕೆ ಒಳಗಾಗುವ
ಸಂಭವವಿರುತ್ತದೆ. ಅದರಲ್ಲಿ ಮುಖ್ಯವಾಗಿ ಸಂಭ್ರಾಂತಿ, ಅಸಂಗತ ಮಾತು, ವ್ಯಕ್ತಿಸ್ಥ ಪ್ರಜ್ಞೆ, ಶಾಖಾಘಾತದ ಲಕ್ಷಣಗಳಾಗಿವೆ.
•ಶಾಖಾಘಾತಕ್ಕೆ ಚಿಕಿತ್ಸೆ•
ಮನುಷ್ಯನು ಬಿಸಿಲಿನ ಬೇಗೆಯಿಂದ ಶಾಖಾಘಾತಕ್ಕೊಳಗದಾಗ ನೆರಳಿರುವೆಡೆಗೆ ಸ್ಥಳಾಂತರಿಸಬೇಕು. ವ್ಯಕ್ತಿಯ ವಸ್ತ್ರಗಳನ್ನು ಸಡಿಲಗೊಳಿಸಿ, ಅಂಗಾತ ಮಲಗಿಸಿ, ಕಾಲುಗಳನ್ನು ಎತ್ತರಿಸಿ, ಸಾಮಾನ್ಯ ನೀರಿನಿಂದ ದೇಹವನ್ನು ಒರೆಸಬೇಕು. ಇಲ್ಲವೇ ಹತ್ತಿರದ ವೈದ್ಯರನ್ನು ಕರೆಸಬೇಕು ಎಂದು ಜಿಲ್ಲಾ ಆರೋಗ್ಯ ಮತ್ತು ಕುಟುಂಬ ಕಲ್ಯಾಣಾಧಿಕಾರಿ ಡಾ.ಯಲ್ಲಾ ರಮೇಶ್ ಬಾಬು ಅವರು ಪ್ರಕಟಣೆಯಲ್ಲಿ ತಿಳಿಸಿದ್ದಾರೆ.
ವ್ಯಕ್ತಿ ಕಾಣೆ; ಪತ್ತೆಗೆ ಮನವಿ
ಹೊಸಪೇಟೆ ಟೈಮ್ಸ್ ನ್ಯೂಸ್
ವಿಜಯನಗರ(ಹೊಸಪೇಟೆ): ನಗರದ ಗವಿಸಿದ್ದೇಶ್ವರ ನಗರ, 24ನೇ ವಾರ್ಡ್ ನಿವಾಸಿ ದಾದಾ ಖಲಂದರ್ ವಸೀಂ ತಂದೆ ಲೇಟ್ ಸೈಯದ್ ಹಬೀಬ್ (ಸುಮಾರು 34 ವರ್ಷ) ವ್ಯಕ್ತಿ ಕಾಣೆಯಾಗಿದ್ದು, ಈ ಕುರಿತು 2025ರ ಅಕ್ಟೋಬರ್ 28 ರಂದು ಹೊಸಪೇಟೆ. ಪಟ್ಟಣ ಪೊಲೀಸ್ ಠಾಣೆಯಲ್ಲಿ ಪ್ರಕರಣ ದಾಖಲಾಗಿದೆ.
ಕಾಣೆಯಾದ ದಾದಾ ಖಲಂದರ್ ವಸೀಂ ಸುಮಾರು 5.6
ಅಡಿ ಎತ್ತರ, ಸಾಧಾರಣ ಮೈ ಕಟ್ಟು, ಕೋಲು ಮುಖ, ಗೋಧಿ ಮೈ ಬಣ್ಣ ಹೊಂದಿದ್ದು, ಕನ್ನಡ, ಇಂಗ್ಲೀಷ್, ತೆಲುಗು ಮತ್ತು ಹಿಂದಿ ಭಾಷೆ ಮಾತನಾಡುವವರು. ಮನೆಯಿಂದ ಹೋಗುವಾಗ ಆರೆಂಜ್ ಬ್ಲ್ಯಾಕ್ ಮಿಕ್ಸ್ ಚೆಕ್ಸ್ ಫುಲ್ ಶರ್ಟ್, ಕ್ರೀಮ್ ಬಣ್ಣದ ಕಾರ್ಗೋ ಟೈಪ್ ಪ್ಯಾಂಟ್ ಧರಿಸಿರುತ್ತಾರೆ.
ಈ ಮೇಲ್ಕಂಡ ವ್ಯಕ್ತಿಯ ಬಗ್ಗೆ ಮಾಹಿತಿ ತಿಳಿದು ಬಂದಲ್ಲಿ ಹೊಸಪೇಟೆಯ ಪಟ್ಟಣ ಪೊಲೀಸ್ ಠಾಣೆಯ ದೂ.ಸಂ: 08394-224033, 9480805745, 08394-224204, 9480805720, 9480805700 ಗೆ ಸಂಪರ್ಕಿಸಬಹುದು ಎಂದು ಪ್ರಕಟಣೆಯಲ್ಲಿ ತಿಳಿಸಿದೆ.
ಮೊಬೈಲ್ ಕ್ಯಾಂಟಿನ್
ಸಹಾಯಧನಕ್ಕಾಗಿ ಅರ್ಜಿ ಆಹ್ವಾನ
ಹೊಸಪೇಟೆ ಟೈಮ್ಸ್ ನ್ಯೂಸ್
ವಿಜಯನಗರ(ಹೊಸಪೇಟೆ): ಪ್ರವಾಸೋದ್ಯಮ ಇಲಾಖೆಯಿಂದ 2025-26ನೇ ಸಾಲಿನ ಎಸ್.ಸಿ.ಎಸ್.ಪಿ ಹಾಗೂ ಟಿ.ಎಸ್.ಪಿ ಯೋಜನೆಯಡಿಯಲ್ಲಿ ಪರಿಶಿಷ್ಟ ಜಾತಿ ಮತ್ತು ಪರಿಶಿಷ್ಟ ಪಂಗಡದ ಸಣ್ಣ ಉದ್ಯಮದಾರರನ್ನು ಉತ್ತೇಜಿಸಲು 1 ತಿಂಗಳ ಉದ್ಯಮಶೀಲತೆ ತರಬೇತಿ ನೀಡುವುದು ಹಾಗೂ ತರಬೇತಿ ಪಡೆದ ಅಭ್ಯರ್ಥಿಗಳಿಗೆ ಇಲಾಖೆ ವತಿಯಿಂದ ಮೊಬೈಲ್ ಕ್ಯಾಂಟಿನ್ ವಾಹನ ಖರೀದಿಸಲು ಇಲಾಖೆಯ ಸಹಾಯಧನ ಘಟಕ ವೆಚ್ಚದಲ್ಲಿ ಶೇ.70% ರಷ್ಟು ಹಾಗೂ ಗರಿಷ್ಠ ರೂ.5.00 ಲಕ್ಷ ನೀಡಲಾಗುವುದು.
ಅರ್ಜಿ ಸಲ್ಲಿಸುವ ಅಭ್ಯರ್ಥಿಗಳ ವಯಸ್ಸು 20 ರಿಂದ 55 ವರ್ಷದೊಳಗಿರಬೇಕು, ವಿಜಯನಗರ ಜಿಲ್ಲೆಯ ನಿವಾಸಿಯಾಗಿರಬೇಕು. ಕನಿಷ್ಠ ಹತ್ತನೇ ತರಗತಿ ವಿದ್ಯಾರ್ಹತೆ ಹೊಂದಿದ್ದು, ಪರಿಶಿಷ್ಟ ಜಾತಿ ಮತ್ತು ಪರಿಶಿಷ್ಟ ಪಂಗಡಕ್ಕೆ ಸೇರಿದವರಾಗಿರಬೇಕು. ಲಘು ವಾಹನ ಚಾಲನಾ ಪರವಾನಗಿ ಪಡೆದಿರಬೇಕು. ನಗರ ಪ್ರದೇಶದ ಅಭ್ಯರ್ಥಿಗಳ ವಾರ್ಷಿಕ ಆದಾಯ ರೂ.2.00 ಲಕ್ಷ ಮತ್ತು ಗ್ರಾಮೀಣ ಪ್ರದೇಶದ ಅಭ್ಯರ್ಥಿಗಳ ವಾರ್ಷಿಕ ಆದಾಯ ರೂ.1.50 ಲಕ್ಷ ಮೀರಿರಬಾರದು. ಯಾವುದೇ ಸರ್ಕಾರಿ ಇಲಾಖೆ ಅಥವಾ ಮಂಡಳಿಯಲ್ಲಿ ಖಾಯಂ ನೌಕರಿಯಲ್ಲಿರಬಾರದು.
ಅರ್ಜಿದಾರರ ಆಧಾರ್ ಕಾರ್ಡ್, ಜಾತಿ ಮತ್ತು ಆದಾಯ ಪ್ರಮಾಣ ಪತ್ರ, ಹತ್ತನೇ ತರಗತಿ ಅಂಕಪಟ್ಟಿ ಮತ್ತು ವಾಸಸ್ಥಳ ದೃಢೀಕರಣ ಪತ್ರ ಮುಂತಾದ ಅಗತ್ಯ ದಾಖಲೆಯೊಂದಿಗೆ ಲೋಟಸ್ ಮಹಲ್ ಹತ್ತಿರದ ಪ್ರವಾಸೋದ್ಯಮ ಇಲಾಖೆ ಉಪ ನಿರ್ದೇಶಕರ ಕಮಲಾಪುರ ಕಚೇರಿಗೆ ಮಾರ್ಚ್ 16 ರೊಳಗಾಗಿ ಅರ್ಜಿ ಸಲ್ಲಿಸಬೇಕು.
ಹೆಚ್ಚಿನ ಮಾಹಿತಿಗಾಗಿ 7892722443 ಗೆ ಸಂಪರ್ಕಿಸಲು ಪ್ರವಾಸೋದ್ಯಮ ಇಲಾಖೆ ಉಪನಿರ್ದೇಶಕರು ಪ್ರಕಟಣೆಯಲ್ಲಿ ತಿಳಿಸಿದ್ದಾರೆ.
ಪಿಎಂ-ಕಿಸಾನ್ ಪ್ರೋತ್ಸಾಹಧನ: ರೈತರು ಕೇಂದ್ರ
ನೋಂದಾಯಿತ ರೈತರ ಸಂಖ್ಯೆ ಸೃಜಿಸಿಕೊಳ್ಳಲು ಸೂಚನೆ
ಹೊಸಪೇಟೆ ಟೈಮ್ಸ್ ನ್ಯೂಸ್
ಬಳ್ಳಾರಿ:ಜಿಲ್ಲೆಯ ರೈತರು ಪಿಎಂ-ಕಿಸಾನ್ ಪ್ರೋತ್ಸಾಹಧನ ಪಡೆಯಲು ರೈತರು ತಮ್ಮ ಫ್ರೂಟ್ಸ್ ಐಡಿ ಗೆ ಇ-ಕೆವೈಸಿ, ಮೊಬೈಲ್ ಸಂಖ್ಯೆ ತಮ್ಮ ಹೆಸರಿನಲ್ಲಿರುವ ಎಲ್ಲಾ ಭೂಹಿಡುವಳಿಗಳನ್ನು ಕಡ್ಡಾಯವಾಗಿ ತಮ್ಮ ಎಫ್‌ಐಡಿಯಲ್ಲಿ ಸೇರ್ಪಡಿಸಿಕೊಳ್ಳುವ ಮೂಲಕ ಕೇಂದ್ರ ನೋಂದಾಯಿತ ರೈತರ ಸಂಖ್ಯೆ ಸೃಜನೆ ಮಾಡಿಕೊಳ್ಳಬೇಕು ಎಂದು ಜಂಟಿ ಕೃಷಿ ನಿರ್ದೇಶಕ ಸೋಮಸುಂದರ್ ಅವರು ತಿಳಿಸಿದ್ದಾರೆ. ಕೇಂದ್ರ ಸರ್ಕಾರದ ಹೊಸ ಮಾರ್ಗಸೂಚಿಯ ಪ್ರಕಾರ ಫ್ರೂಟ್ಸ್ ಹಾಗೂ ಭೂಮಿ ದತ್ತಾಂಶಗಳನ್ನು ನಿಯತವಾಗಿ ಜೋಡಣೆ ಮಾಡುವುದು ಅತಿ ಮುಖ್ಯವಾಗಿದೆ. ಹಾಗಾಗಿ ರೈತರು ಫ್ರೂಟ್ಸ್ ತಂತ್ರಾಂಶದಲ್ಲಿ ಇ-ಕೆವೈಸಿ, ಮೊಬೈಲ್ ನಂಬರ್‌ಗಳನ್ನು ಅಪ್ಡೇಟ್ ಮಾಡಿಕೊಳ್ಳುವುದು, ರೈತರ ಹೆಸರಿನಲ್ಲಿರುವ ಎಲ್ಲಾ ಭೂಹಿಡುವಳಿಗಳನ್ನು ಕಡ್ಡಾಯವಾಗಿ ತಮ್ಮ ಎಫ್.ಐ.ಡಿಯಲ್ಲಿ ಸೇರ್ಪಡಿಸಿಕೊಳ್ಳುವುದು ಮತ್ತು ರೈತರ ಸಹಮತಿ ಪತ್ರವನ್ನು ವಿದ್ಯುನ್ಮಾನ ರೀತಿಯಲ್ಲಿ ನೀಡುವುದು ಕಡ್ಡಾಯವಾಗಿದೆ.
ಈ ಪ್ರಕ್ರಿಯೆ ಪೂರ್ಣಗೊಂಡ ನಂತರ ಕೇಂದ್ರ ಸರ್ಕಾರದಿಂದ ಒಂದು ಕೇಂದ್ರ ನೋಂದಾಯಿತ ರೈತರ ಸಂಖ್ಯೆಯನ್ನು (ಸೆಂಟ್ರಲ್ ಫಾರ್ಮರ್ ಐಡಿ) ಸೃಜಿಸಲಾಗುತ್ತದೆ. ಈ ರೀತಿಯಾಗಿ ಸೃಜಿಸಲಾದ ಕೇಂದ್ರ ನೋಂದಾಯಿತ ರೈತ ಸಂಖ್ಯೆಯನ್ನು ಕೇಂದ್ರ ಸರ್ಕಾರದಿಂದ ಅನುಷ್ಠಾನಗೊಳಿಸುವ ಪಿಎಂ-ಕಿಸಾನ್ ಯೋಜನೆ ಸೇರಿದಂತೆ ಇತರೆ ಯೋಜನೆಗಳಾದ ಬರ ಪರಿಹಾರ, ಬೆಳೆ ವಿಮೆ, ಮುಂತಾದ ಯೋಜನೆಗಳಿಗೆ ಕೇಂದ್ರ ನೋಂದಾಯಿತ ರೈತರ ಸಂಖ್ಯೆಯನ್ನು ಕಡ್ಡಾಯವಾಗಿ ಉಪಯೋಗಿಸಲಾಗುತ್ತದೆ.
ಹಾಗಾಗಿ ರೈತರು ಕೇಂದ್ರ ಅಥವಾ ರಾಜ್ಯ ಸರ್ಕಾರ ಅನುಷ್ಠಾನಗೊಳಿಸಲಾಗುವ ಯೋಜನೆಯ ಸೌಲಭ್ಯವನ್ನು ಪಡೆಯಲು ರೈತರು ತಮ್ಮ ಆಧಾರ್ ಕಾರ್ಡ್, ಆಧಾರ್ ಕಾರ್ಡ್‌ನೊಂದಿಗೆ ಜೋಡಣೆಯಾಗಿರುವ ಮೊಬೈಲ್, ಬ್ಯಾಂಕ್ ಪಾಸ್ ಬುಕ್ ಜೆರಾಕ್ಸ್ ಹಾಗೂ ರೈತರ ಹೆಸರಿನಲ್ಲಿರುವ ಎಲ್ಲಾ ಪಹಣಿಗಳನ್ನು ತೆಗೆದುಕೊಂಡು ಹತ್ತಿರದ ರೈತ ಸಂಪರ್ಕ ಕೇಂದ್ರ, ಗ್ರಾಮ ಒನ್ ಕೇಂದ್ರ ಹಾಗೂ ತೋಟಗಾರಿಕೆ ಇಲಾಖಾ ಕಚೇರಿಗಳಿಗೆ ಭೇಟಿ ನೀಡಿ ಕೇಂದ್ರ ನೋಂದಾಯಿತ ರೈತರ ಸಂಖ್ಯೆ ಸೃಜಿಸಿಕೊಳ್ಳಬೇಕು. ತಪ್ಪಿದಲ್ಲಿ ಕೇಂದ್ರ ಮತ್ತು ರಾಜ್ಯ ಸರ್ಕಾರದ ಸೌಲಭ್ಯಗಳಿಂದ ವಂಚಿತರಾಗುತ್ತಾರೆ. ಹೆಚ್ಚಿನ ಮಾಹಿತಿಗಾಗಿ ಹತ್ತಿರದ ರೈತ ಸಂಪರ್ಕ ಕೇಂದ್ರದ ಕೃಷಿ ಅಧಿಕಾರಿ, ತಾಲ್ಲೂಕು ಸಹಾಯಕ ಕೃಷಿ ನಿರ್ದೇಶಕರು ಅಥವಾ ತಾಲ್ಲೂಕಿನ ಹಿರಿಯ ಸಹಾಯಕ ತೋಟಗಾರಿಕೆ ನಿರ್ದೇಶಕರ ಕಚೇರಿಗೆ ಸಂಪರ್ಕಿಸಬಹುದು ಎಂದು ಅವರ ಪ್ರಕಟಣೆಯಲ್ಲಿ ತಿಳಿಸಿದ್ದಾರೆ.
